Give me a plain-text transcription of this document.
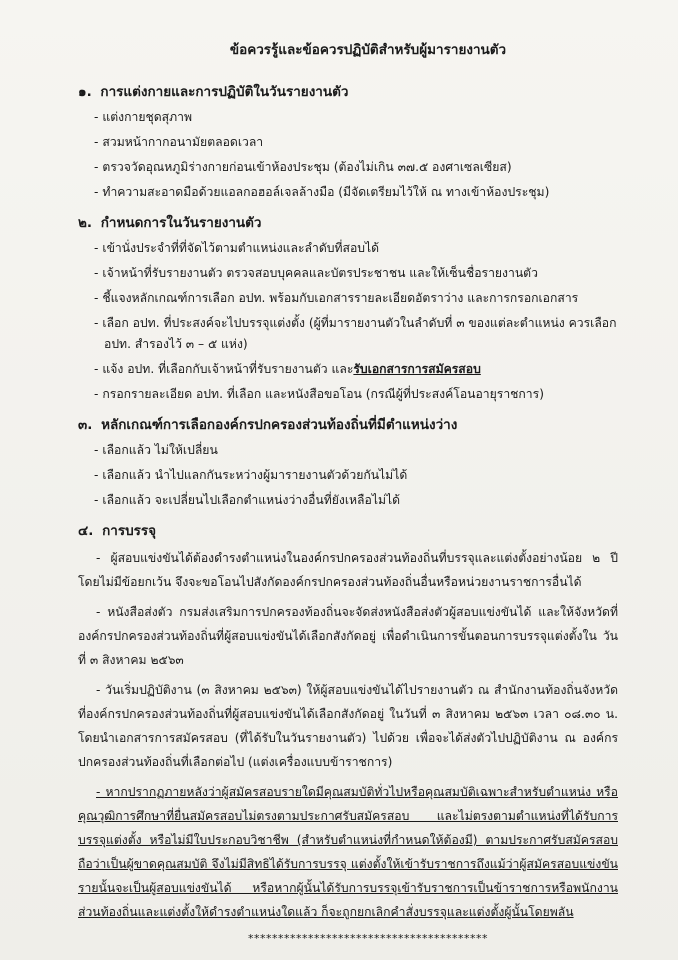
ข้อควรรู้และข้อควรปฏิบัติสำหรับผู้มารายงานตัว
๑. การแต่งกายและการปฏิบัติในวันรายงานตัว
- แต่งกายชุดสุภาพ
- สวมหน้ากากอนามัยตลอดเวลา
- ตรวจวัดอุณหภูมิร่างกายก่อนเข้าห้องประชุม (ต้องไม่เกิน ๓๗.๕ องศาเซลเซียส)
- ทำความสะอาดมือด้วยแอลกอฮอล์เจลล้างมือ (มีจัดเตรียมไว้ให้ ณ ทางเข้าห้องประชุม)
๒. กำหนดการในวันรายงานตัว
- เข้านั่งประจำที่ที่จัดไว้ตามตำแหน่งและลำดับที่สอบได้
- เจ้าหน้าที่รับรายงานตัว ตรวจสอบบุคคลและบัตรประชาชน และให้เซ็นชื่อรายงานตัว
- ชี้แจงหลักเกณฑ์การเลือก อปท. พร้อมกับเอกสารรายละเอียดอัตราว่าง และการกรอกเอกสาร
- เลือก อปท. ที่ประสงค์จะไปบรรจุแต่งตั้ง (ผู้ที่มารายงานตัวในลำดับที่ ๓ ของแต่ละตำแหน่ง ควรเลือก อปท. สำรองไว้ ๓ – ๕ แห่ง)
- แจ้ง อปท. ที่เลือกกับเจ้าหน้าที่รับรายงานตัว และรับเอกสารการสมัครสอบ
- กรอกรายละเอียด อปท. ที่เลือก และหนังสือขอโอน (กรณีผู้ที่ประสงค์โอนอายุราชการ)
๓. หลักเกณฑ์การเลือกองค์กรปกครองส่วนท้องถิ่นที่มีตำแหน่งว่าง
- เลือกแล้ว ไม่ให้เปลี่ยน
- เลือกแล้ว นำไปแลกกันระหว่างผู้มารายงานตัวด้วยกันไม่ได้
- เลือกแล้ว จะเปลี่ยนไปเลือกตำแหน่งว่างอื่นที่ยังเหลือไม่ได้
๔. การบรรจุ

- ผู้สอบแข่งขันได้ต้องดำรงตำแหน่งในองค์กรปกครองส่วนท้องถิ่นที่บรรจุและแต่งตั้งอย่างน้อย ๒ ปี โดยไม่มีข้อยกเว้น จึงจะขอโอนไปสังกัดองค์กรปกครองส่วนท้องถิ่นอื่นหรือหน่วยงานราชการอื่นได้

- หนังสือส่งตัว กรมส่งเสริมการปกครองท้องถิ่นจะจัดส่งหนังสือส่งตัวผู้สอบแข่งขันได้ และให้จังหวัดที่องค์กรปกครองส่วนท้องถิ่นที่ผู้สอบแข่งขันได้เลือกสังกัดอยู่ เพื่อดำเนินการขั้นตอนการบรรจุแต่งตั้งใน วันที่ ๓ สิงหาคม ๒๕๖๓

- วันเริ่มปฏิบัติงาน (๓ สิงหาคม ๒๕๖๓) ให้ผู้สอบแข่งขันได้ไปรายงานตัว ณ สำนักงานท้องถิ่นจังหวัด ที่องค์กรปกครองส่วนท้องถิ่นที่ผู้สอบแข่งขันได้เลือกสังกัดอยู่ ในวันที่ ๓ สิงหาคม ๒๕๖๓ เวลา ๐๘.๓๐ น. โดยนำเอกสารการสมัครสอบ (ที่ได้รับในวันรายงานตัว) ไปด้วย เพื่อจะได้ส่งตัวไปปฏิบัติงาน ณ องค์กร ปกครองส่วนท้องถิ่นที่เลือกต่อไป (แต่งเครื่องแบบข้าราชการ)

- หากปรากฏภายหลังว่าผู้สมัครสอบรายใดมีคุณสมบัติทั่วไปหรือคุณสมบัติเฉพาะสำหรับตำแหน่ง หรือคุณวุฒิการศึกษาที่ยื่นสมัครสอบไม่ตรงตามประกาศรับสมัครสอบ และไม่ตรงตามตำแหน่งที่ได้รับการ บรรจุแต่งตั้ง หรือไม่มีใบประกอบวิชาชีพ (สำหรับตำแหน่งที่กำหนดให้ต้องมี) ตามประกาศรับสมัครสอบ ถือว่าเป็นผู้ขาดคุณสมบัติ จึงไม่มีสิทธิได้รับการบรรจุ แต่งตั้งให้เข้ารับราชการถึงแม้ว่าผู้สมัครสอบแข่งขัน รายนั้นจะเป็นผู้สอบแข่งขันได้ หรือหากผู้นั้นได้รับการบรรจุเข้ารับราชการเป็นข้าราชการหรือพนักงาน ส่วนท้องถิ่นและแต่งตั้งให้ดำรงตำแหน่งใดแล้ว ก็จะถูกยกเลิกคำสั่งบรรจุและแต่งตั้งผู้นั้นโดยพลัน

****************************************
